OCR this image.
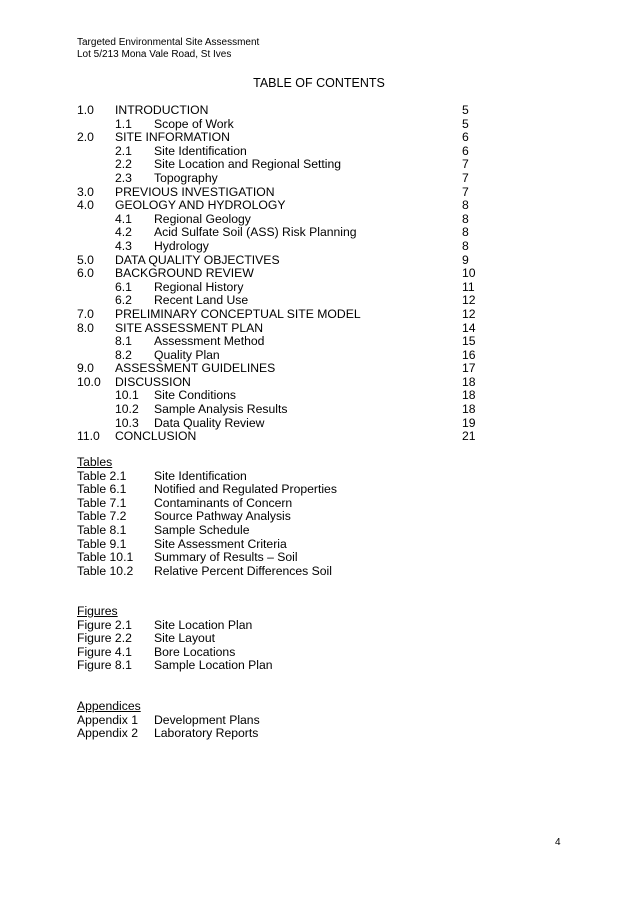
Targeted Environmental Site Assessment
Lot 5/213 Mona Vale Road, St Ives
TABLE OF CONTENTS
1.0 INTRODUCTION	5
1.1 Scope of Work	5
2.0 SITE INFORMATION	6
2.1 Site Identification	6
2.2 Site Location and Regional Setting	7
2.3 Topography	7
3.0 PREVIOUS INVESTIGATION	7
4.0 GEOLOGY AND HYDROLOGY	8
4.1 Regional Geology	8
4.2 Acid Sulfate Soil (ASS) Risk Planning	8
4.3 Hydrology	8
5.0 DATA QUALITY OBJECTIVES	9
6.0 BACKGROUND REVIEW	10
6.1 Regional History	11
6.2 Recent Land Use	12
7.0 PRELIMINARY CONCEPTUAL SITE MODEL	12
8.0 SITE ASSESSMENT PLAN	14
8.1 Assessment Method	15
8.2 Quality Plan	16
9.0 ASSESSMENT GUIDELINES	17
10.0 DISCUSSION	18
10.1 Site Conditions	18
10.2 Sample Analysis Results	18
10.3 Data Quality Review	19
11.0 CONCLUSION	21
Tables
Table 2.1 Site Identification
Table 6.1 Notified and Regulated Properties
Table 7.1 Contaminants of Concern
Table 7.2 Source Pathway Analysis
Table 8.1 Sample Schedule
Table 9.1 Site Assessment Criteria
Table 10.1 Summary of Results – Soil
Table 10.2 Relative Percent Differences Soil
Figures
Figure 2.1 Site Location Plan
Figure 2.2 Site Layout
Figure 4.1 Bore Locations
Figure 8.1 Sample Location Plan
Appendices
Appendix 1 Development Plans
Appendix 2 Laboratory Reports
4
